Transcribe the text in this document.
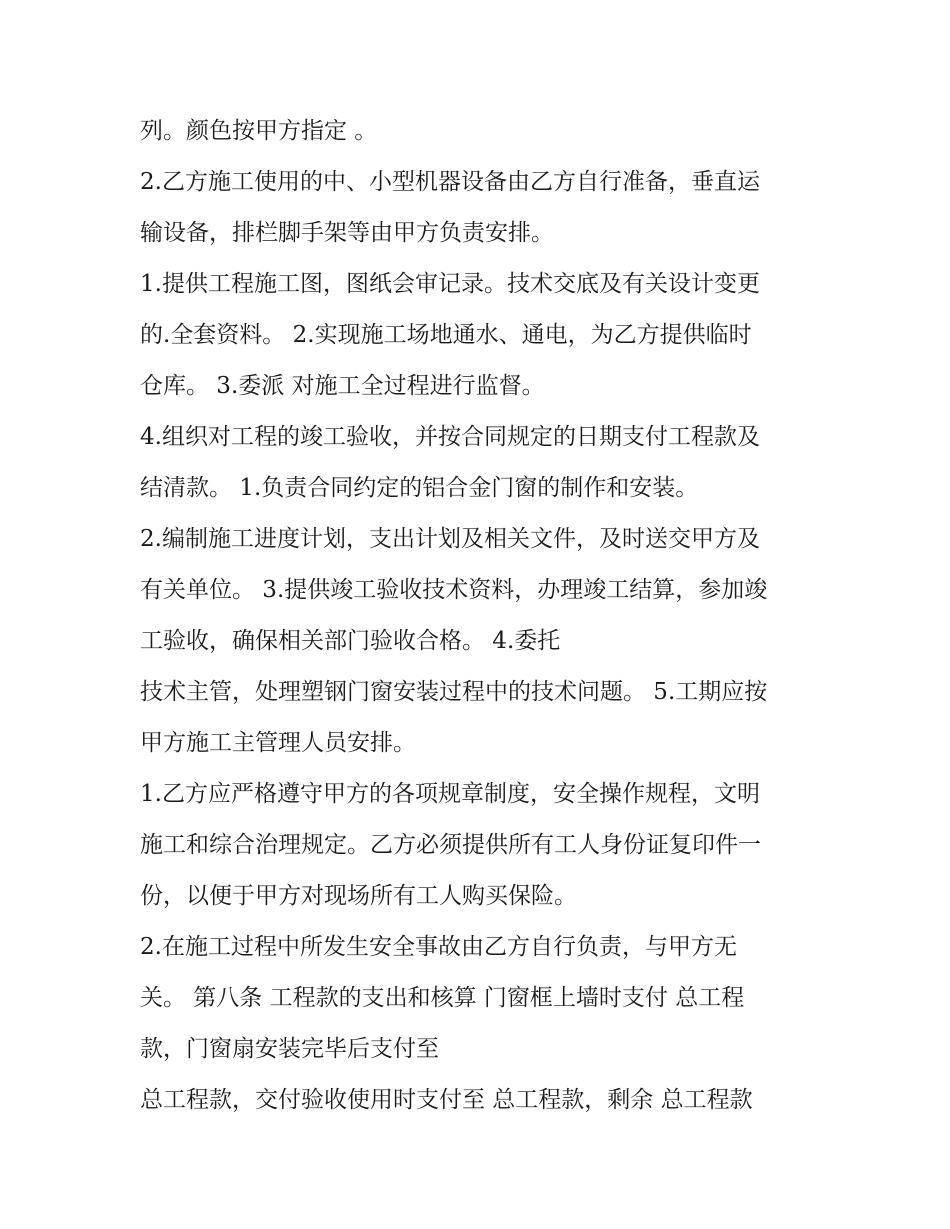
列。颜色按甲方指定 。
2.乙方施工使用的中、小型机器设备由乙方自行准备，垂直运
输设备，排栏脚手架等由甲方负责安排。
1.提供工程施工图，图纸会审记录。技术交底及有关设计变更
的.全套资料。 2.实现施工场地通水、通电，为乙方提供临时
仓库。 3.委派 对施工全过程进行监督。
4.组织对工程的竣工验收，并按合同规定的日期支付工程款及
结清款。 1.负责合同约定的铝合金门窗的制作和安装。
2.编制施工进度计划，支出计划及相关文件，及时送交甲方及
有关单位。 3.提供竣工验收技术资料，办理竣工结算，参加竣
工验收，确保相关部门验收合格。 4.委托
技术主管，处理塑钢门窗安装过程中的技术问题。 5.工期应按
甲方施工主管理人员安排。
1.乙方应严格遵守甲方的各项规章制度，安全操作规程，文明
施工和综合治理规定。乙方必须提供所有工人身份证复印件一
份，以便于甲方对现场所有工人购买保险。
2.在施工过程中所发生安全事故由乙方自行负责，与甲方无
关。 第八条 工程款的支出和核算 门窗框上墙时支付 总工程
款，门窗扇安装完毕后支付至
总工程款，交付验收使用时支付至 总工程款，剩余 总工程款
